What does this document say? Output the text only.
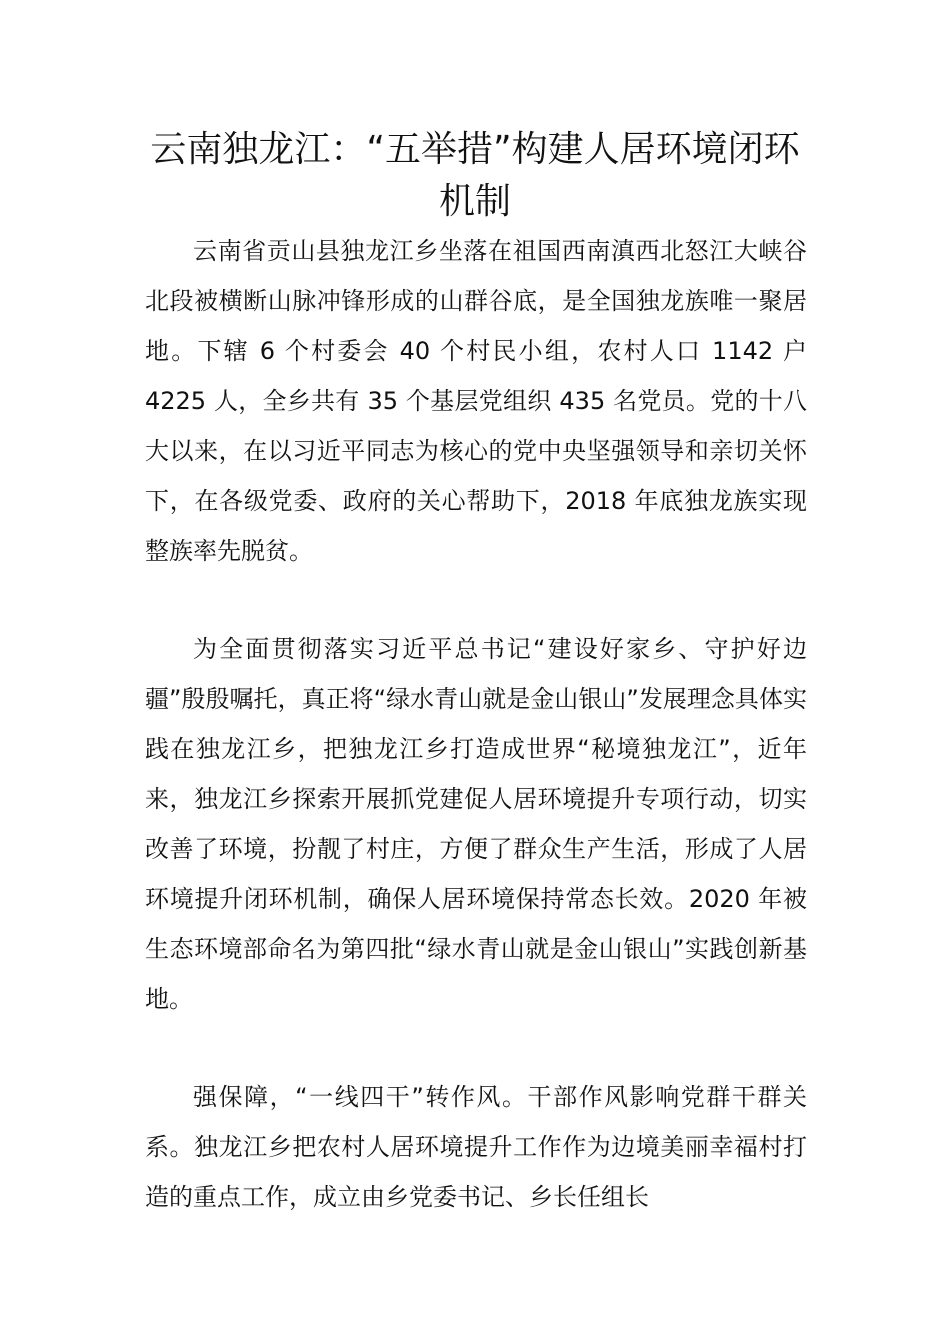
云南独龙江：“五举措”构建人居环境闭环机制

云南省贡山县独龙江乡坐落在祖国西南滇西北怒江大峡谷北段被横断山脉冲锋形成的山群谷底，是全国独龙族唯一聚居地。下辖 6 个村委会 40 个村民小组，农村人口 1142 户 4225 人，全乡共有 35 个基层党组织 435 名党员。党的十八大以来，在以习近平同志为核心的党中央坚强领导和亲切关怀下，在各级党委、政府的关心帮助下，2018 年底独龙族实现整族率先脱贫。

为全面贯彻落实习近平总书记“建设好家乡、守护好边疆”殷殷嘱托，真正将“绿水青山就是金山银山”发展理念具体实践在独龙江乡，把独龙江乡打造成世界“秘境独龙江”，近年来，独龙江乡探索开展抓党建促人居环境提升专项行动，切实改善了环境，扮靓了村庄，方便了群众生产生活，形成了人居环境提升闭环机制，确保人居环境保持常态长效。2020 年被生态环境部命名为第四批“绿水青山就是金山银山”实践创新基地。

强保障，“一线四干”转作风。干部作风影响党群干群关系。独龙江乡把农村人居环境提升工作作为边境美丽幸福村打造的重点工作，成立由乡党委书记、乡长任组长
